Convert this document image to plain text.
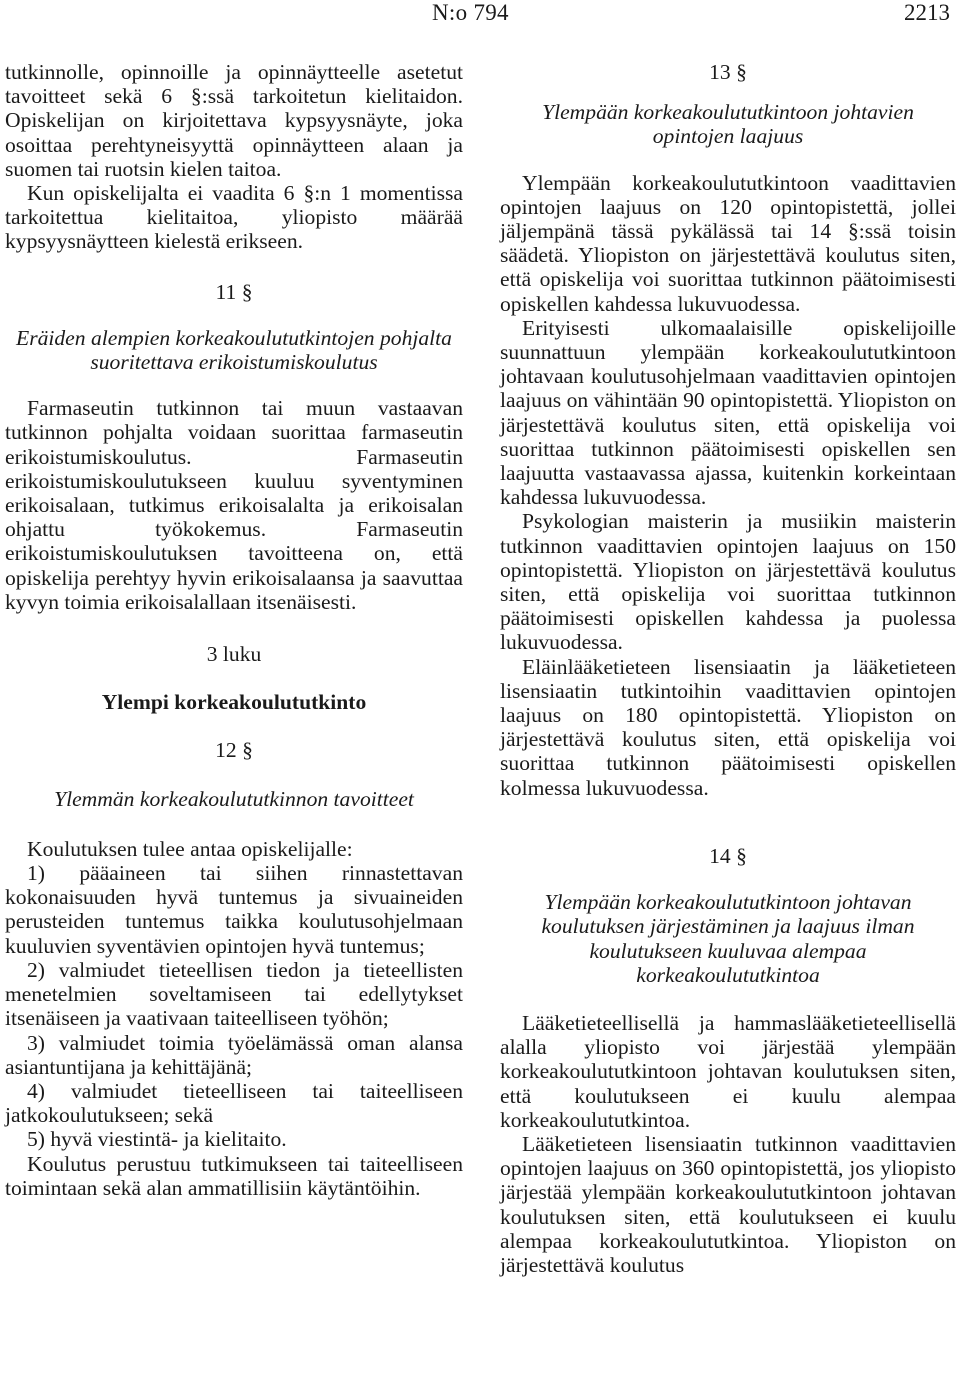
N:o 794	2213

tutkinnolle, opinnoille ja opinnäytteelle asetetut tavoitteet sekä 6 §:ssä tarkoitetun kielitaidon. Opiskelijan on kirjoitettava kypsyysnäyte, joka osoittaa perehtyneisyyttä opinnäytteen alaan ja suomen tai ruotsin kielen taitoa.

Kun opiskelijalta ei vaadita 6 §:n 1 momentissa tarkoitettua kielitaitoa, yliopisto määrää kypsyysnäytteen kielestä erikseen.

11 §

Eräiden alempien korkeakoulututkintojen pohjalta suoritettava erikoistumiskoulutus

Farmaseutin tutkinnon tai muun vastaavan tutkinnon pohjalta voidaan suorittaa farmaseutin erikoistumiskoulutus. Farmaseutin erikoistumiskoulutukseen kuuluu syventyminen erikoisalaan, tutkimus erikoisalalta ja erikoisalan ohjattu työkokemus. Farmaseutin erikoistumiskoulutuksen tavoitteena on, että opiskelija perehtyy hyvin erikoisalaansa ja saavuttaa kyvyn toimia erikoisalallaan itsenäisesti.

3 luku

Ylempi korkeakoulututkinto

12 §

Ylemmän korkeakoulututkinnon tavoitteet

Koulutuksen tulee antaa opiskelijalle:

1) pääaineen tai siihen rinnastettavan kokonaisuuden hyvä tuntemus ja sivuaineiden perusteiden tuntemus taikka koulutusohjelmaan kuuluvien syventävien opintojen hyvä tuntemus;

2) valmiudet tieteellisen tiedon ja tieteellisten menetelmien soveltamiseen tai edellytykset itsenäiseen ja vaativaan taiteelliseen työhön;

3) valmiudet toimia työelämässä oman alansa asiantuntijana ja kehittäjänä;

4) valmiudet tieteelliseen tai taiteelliseen jatkokoulutukseen; sekä

5) hyvä viestintä- ja kielitaito.

Koulutus perustuu tutkimukseen tai taiteelliseen toimintaan sekä alan ammatillisiin käytäntöihin.

13 §

Ylempään korkeakoulututkintoon johtavien opintojen laajuus

Ylempään korkeakoulututkintoon vaadittavien opintojen laajuus on 120 opintopistettä, jollei jäljempänä tässä pykälässä tai 14 §:ssä toisin säädetä. Yliopiston on järjestettävä koulutus siten, että opiskelija voi suorittaa tutkinnon päätoimisesti opiskellen kahdessa lukuvuodessa.

Erityisesti ulkomaalaisille opiskelijoille suunnattuun ylempään korkeakoulututkintoon johtavaan koulutusohjelmaan vaadittavien opintojen laajuus on vähintään 90 opintopistettä. Yliopiston on järjestettävä koulutus siten, että opiskelija voi suorittaa tutkinnon päätoimisesti opiskellen sen laajuutta vastaavassa ajassa, kuitenkin korkeintaan kahdessa lukuvuodessa.

Psykologian maisterin ja musiikin maisterin tutkinnon vaadittavien opintojen laajuus on 150 opintopistettä. Yliopiston on järjestettävä koulutus siten, että opiskelija voi suorittaa tutkinnon päätoimisesti opiskellen kahdessa ja puolessa lukuvuodessa.

Eläinlääketieteen lisensiaatin ja lääketieteen lisensiaatin tutkintoihin vaadittavien opintojen laajuus on 180 opintopistettä. Yliopiston on järjestettävä koulutus siten, että opiskelija voi suorittaa tutkinnon päätoimisesti opiskellen kolmessa lukuvuodessa.

14 §

Ylempään korkeakoulututkintoon johtavan koulutuksen järjestäminen ja laajuus ilman koulutukseen kuuluvaa alempaa korkeakoulututkintoa

Lääketieteellisellä ja hammaslääketieteellisellä alalla yliopisto voi järjestää ylempään korkeakoulututkintoon johtavan koulutuksen siten, että koulutukseen ei kuulu alempaa korkeakoulututkintoa.

Lääketieteen lisensiaatin tutkinnon vaadittavien opintojen laajuus on 360 opintopistettä, jos yliopisto järjestää ylempään korkeakoulututkintoon johtavan koulutuksen siten, että koulutukseen ei kuulu alempaa korkeakoulututkintoa. Yliopiston on järjestettävä koulutus
